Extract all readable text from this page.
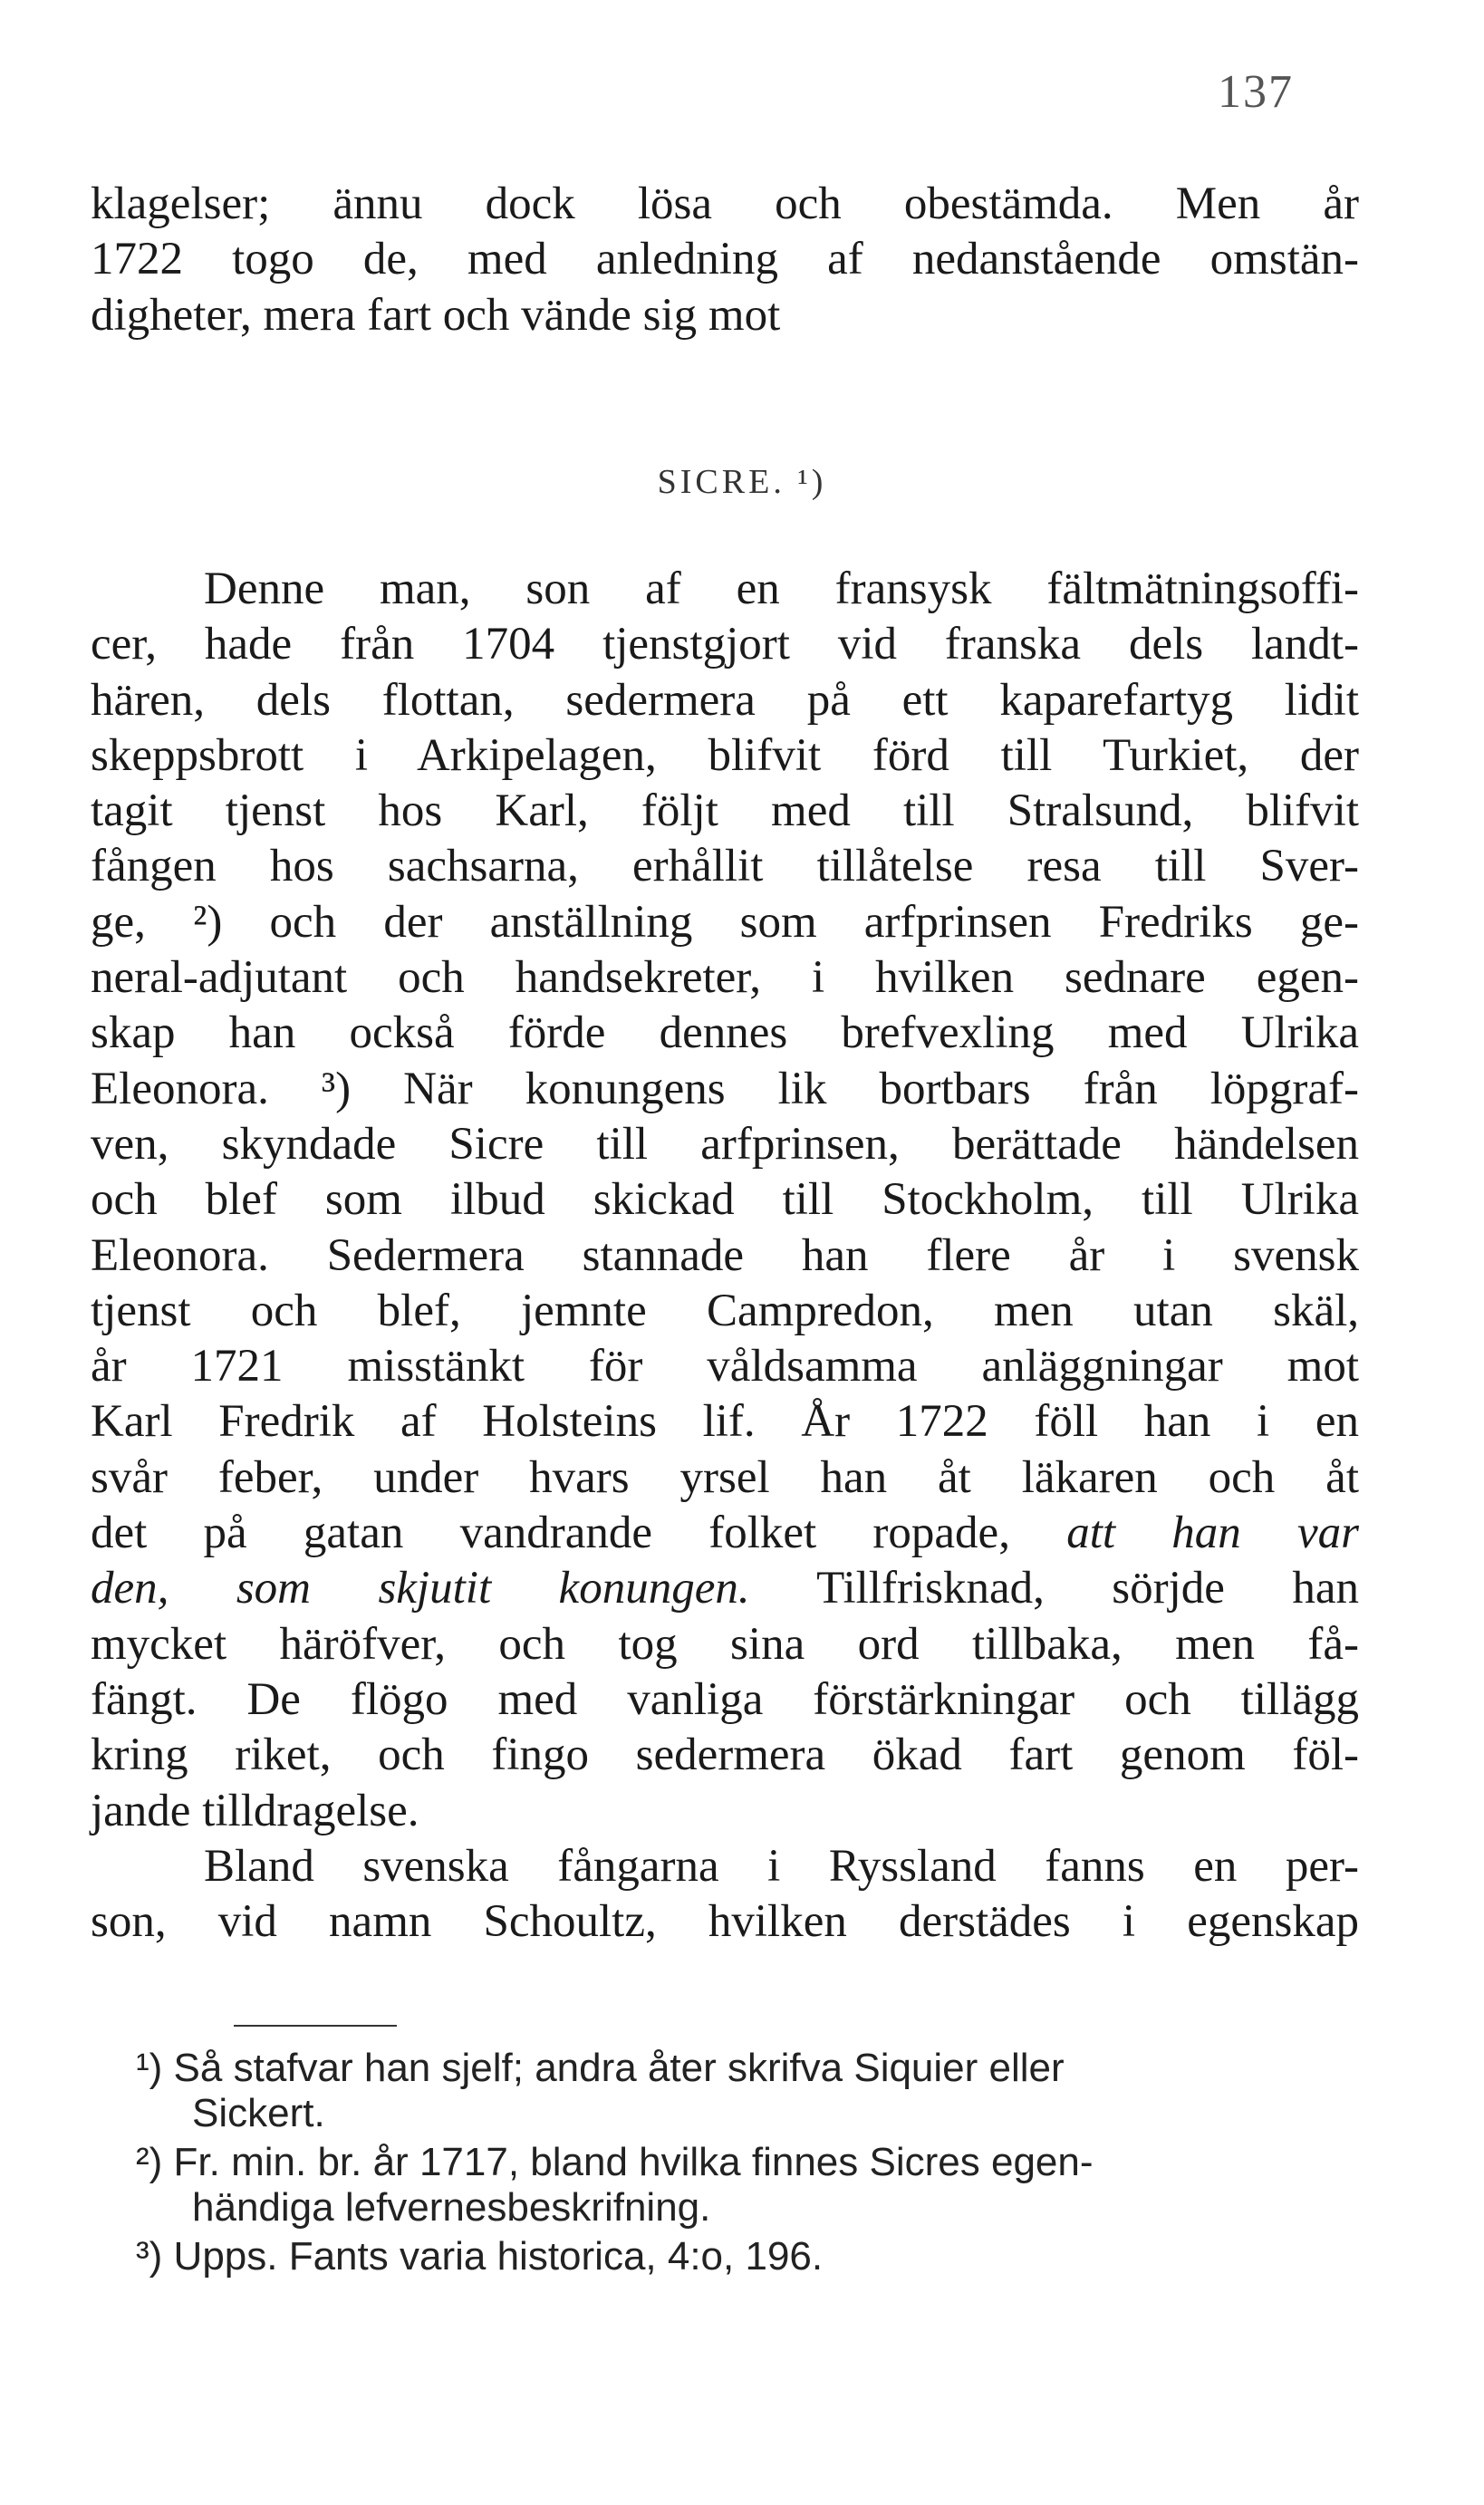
137
klagelser; ännu dock lösa och obestämda. Men år
1722 togo de, med anledning af nedanstående omstän-
digheter, mera fart och vände sig mot
SICRE. ¹)
Denne man, son af en fransysk fältmätningsoffi-
cer, hade från 1704 tjenstgjort vid franska dels landt-
hären, dels flottan, sedermera på ett kaparefartyg lidit
skeppsbrott i Arkipelagen, blifvit förd till Turkiet, der
tagit tjenst hos Karl, följt med till Stralsund, blifvit
fången hos sachsarna, erhållit tillåtelse resa till Sver-
ge, ²) och der anställning som arfprinsen Fredriks ge-
neral-adjutant och handsekreter, i hvilken sednare egen-
skap han också förde dennes brefvexling med Ulrika
Eleonora. ³) När konungens lik bortbars från löpgraf-
ven, skyndade Sicre till arfprinsen, berättade händelsen
och blef som ilbud skickad till Stockholm, till Ulrika
Eleonora. Sedermera stannade han flere år i svensk
tjenst och blef, jemnte Campredon, men utan skäl,
år 1721 misstänkt för våldsamma anläggningar mot
Karl Fredrik af Holsteins lif. År 1722 föll han i en
svår feber, under hvars yrsel han åt läkaren och åt
det på gatan vandrande folket ropade, att han var
den, som skjutit konungen. Tillfrisknad, sörjde han
mycket häröfver, och tog sina ord tillbaka, men få-
fängt. De flögo med vanliga förstärkningar och tillägg
kring riket, och fingo sedermera ökad fart genom föl-
jande tilldragelse.
Bland svenska fångarna i Ryssland fanns en per-
son, vid namn Schoultz, hvilken derstädes i egenskap
¹) Så stafvar han sjelf; andra åter skrifva Siquier eller
Sickert.
²) Fr. min. br. år 1717, bland hvilka finnes Sicres egen-
händiga lefvernesbeskrifning.
³) Upps. Fants varia historica, 4:o, 196.
